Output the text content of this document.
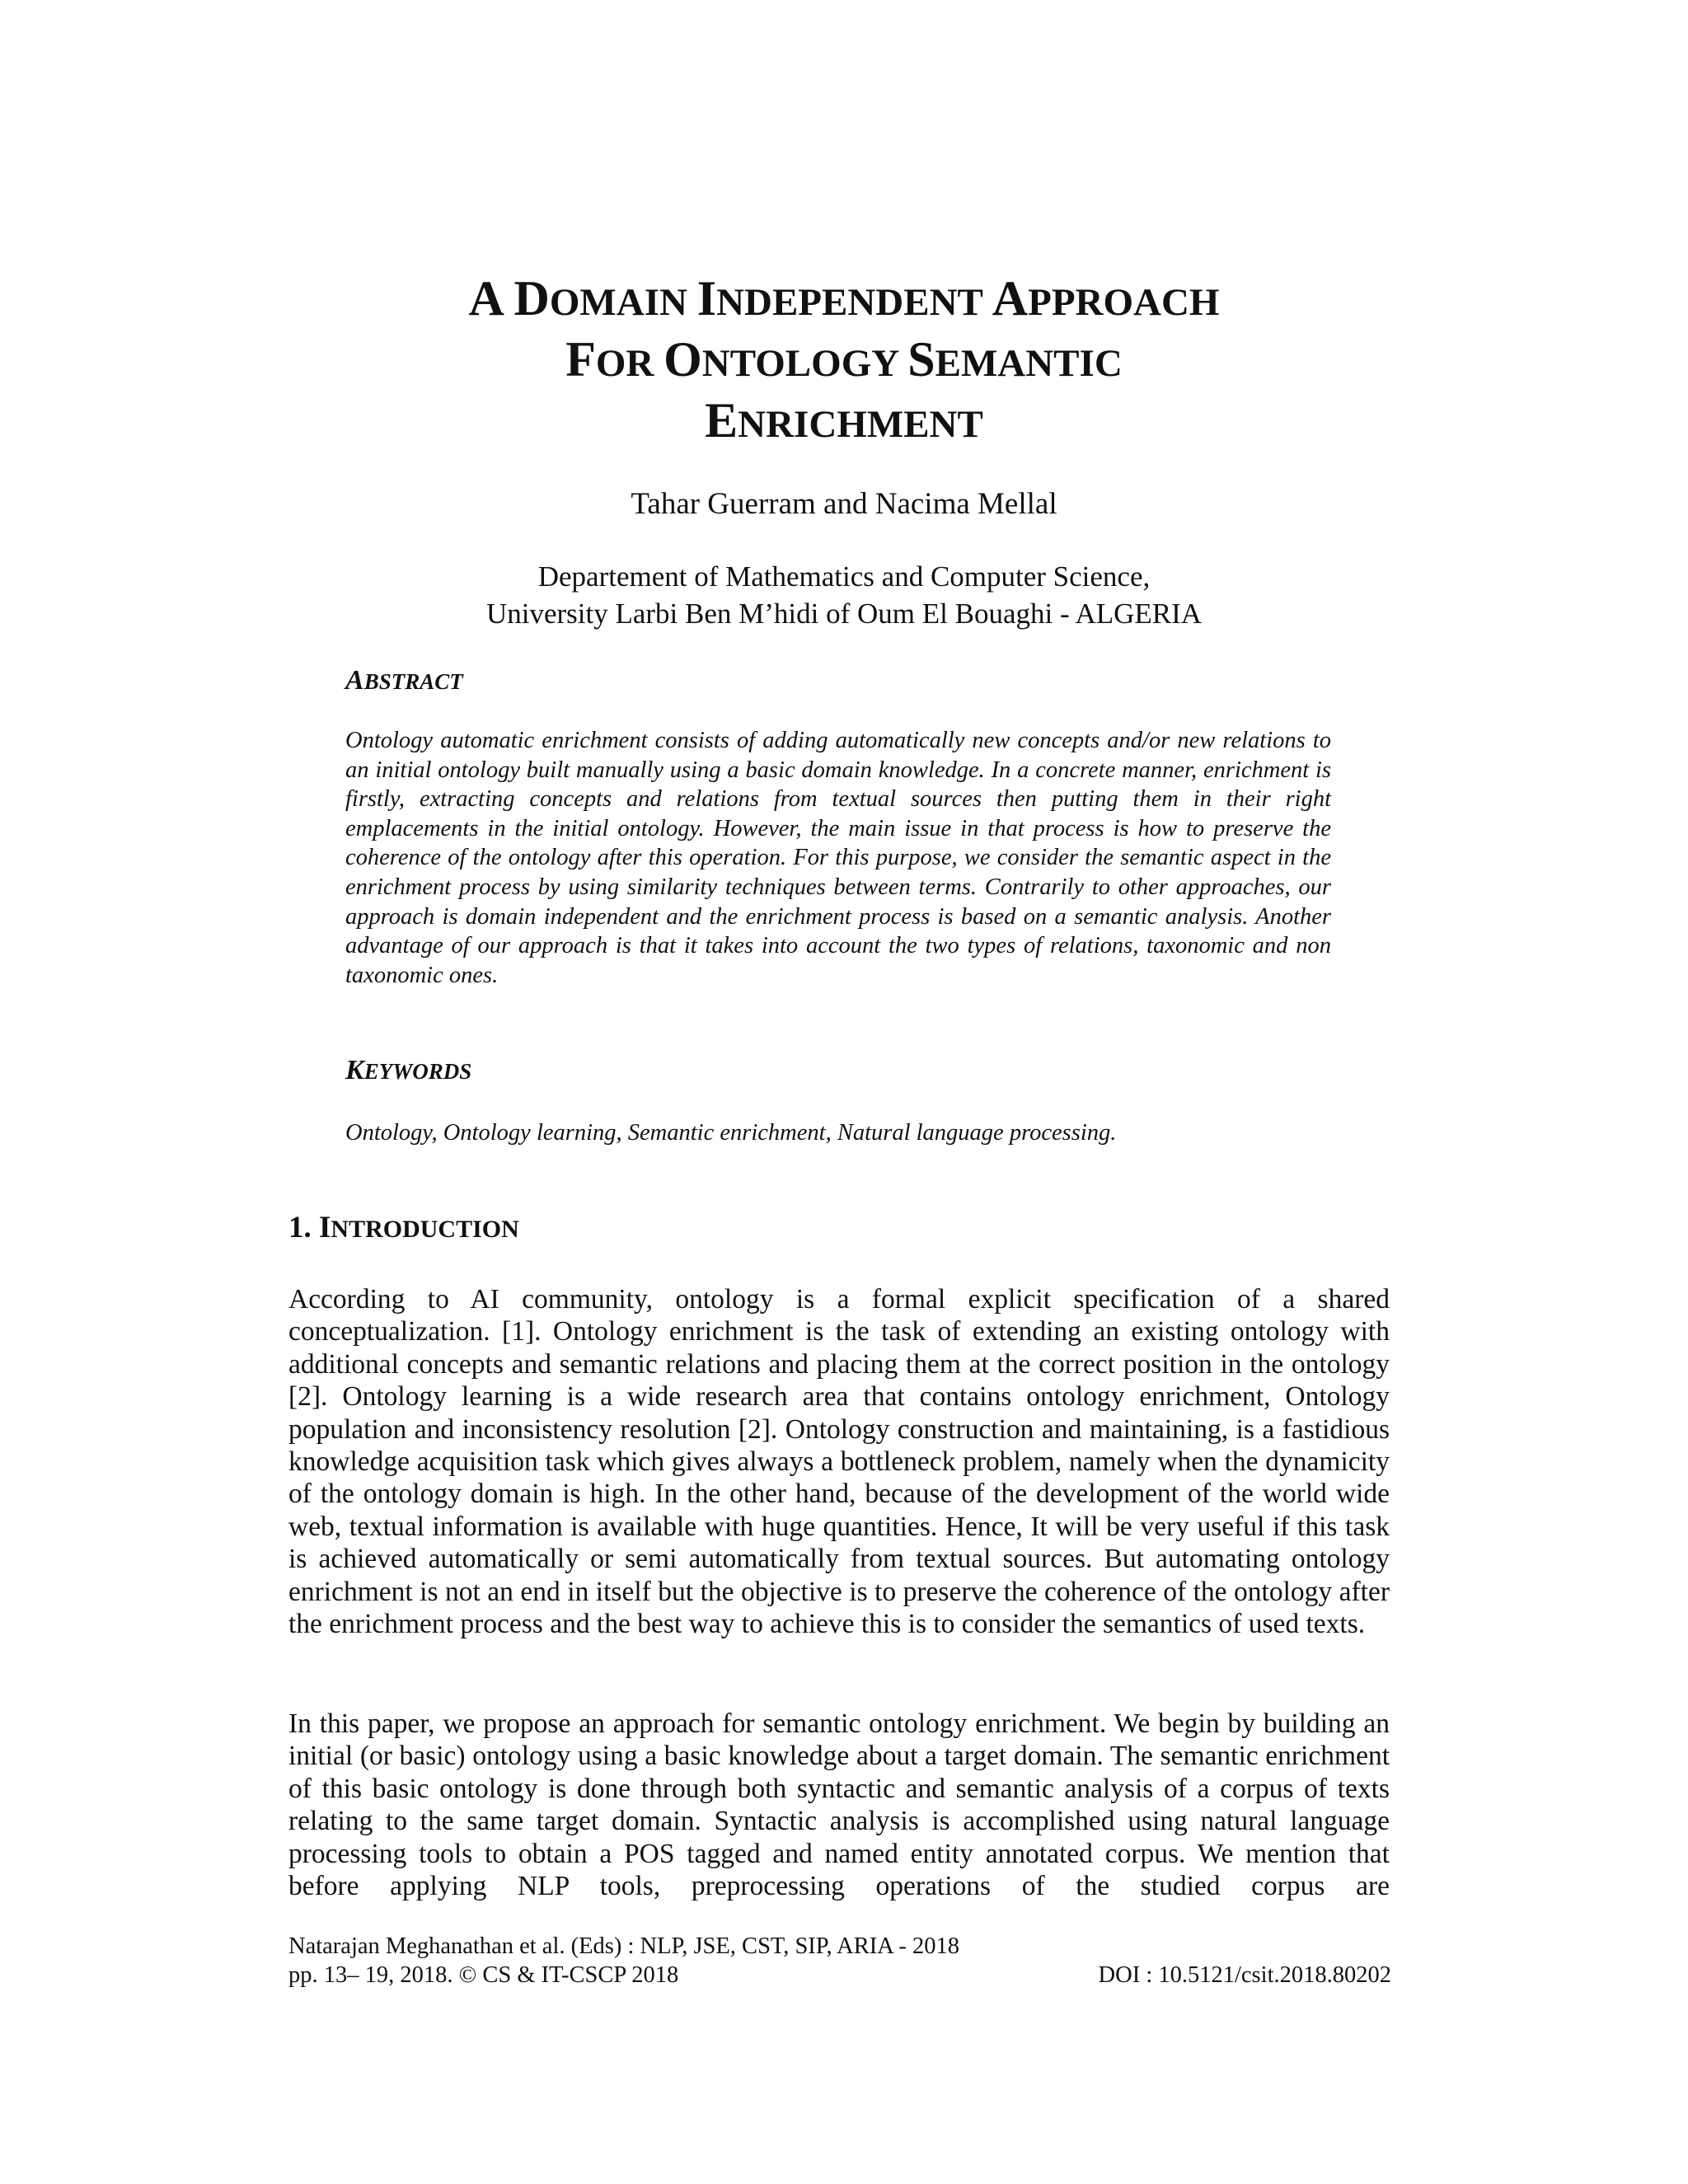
A DOMAIN INDEPENDENT APPROACH
FOR ONTOLOGY SEMANTIC
ENRICHMENT

Tahar Guerram and Nacima Mellal

Departement of Mathematics and Computer Science,
University Larbi Ben M’hidi of Oum El Bouaghi - ALGERIA

ABSTRACT

Ontology automatic enrichment consists of adding automatically new concepts and/or new relations to an initial ontology built manually using a basic domain knowledge. In a concrete manner, enrichment is firstly, extracting concepts and relations from textual sources then putting them in their right emplacements in the initial ontology. However, the main issue in that process is how to preserve the coherence of the ontology after this operation. For this purpose, we consider the semantic aspect in the enrichment process by using similarity techniques between terms. Contrarily to other approaches, our approach is domain independent and the enrichment process is based on a semantic analysis. Another advantage of our approach is that it takes into account the two types of relations, taxonomic and non taxonomic ones.

KEYWORDS

Ontology, Ontology learning, Semantic enrichment, Natural language processing.

1. INTRODUCTION

According to AI community, ontology is a formal explicit specification of a shared conceptualization. [1]. Ontology enrichment is the task of extending an existing ontology with additional concepts and semantic relations and placing them at the correct position in the ontology [2]. Ontology learning is a wide research area that contains ontology enrichment, Ontology population and inconsistency resolution [2]. Ontology construction and maintaining, is a fastidious knowledge acquisition task which gives always a bottleneck problem, namely when the dynamicity of the ontology domain is high. In the other hand, because of the development of the world wide web, textual information is available with huge quantities. Hence, It will be very useful if this task is achieved automatically or semi automatically from textual sources. But automating ontology enrichment is not an end in itself but the objective is to preserve the coherence of the ontology after the enrichment process and the best way to achieve this is to consider the semantics of used texts.

In this paper, we propose an approach for semantic ontology enrichment. We begin by building an initial (or basic) ontology using a basic knowledge about a target domain. The semantic enrichment of this basic ontology is done through both syntactic and semantic analysis of a corpus of texts relating to the same target domain. Syntactic analysis is accomplished using natural language processing tools to obtain a POS tagged and named entity annotated corpus. We mention that before applying NLP tools, preprocessing operations of the studied corpus are

Natarajan Meghanathan et al. (Eds) : NLP, JSE, CST, SIP, ARIA - 2018
pp. 13– 19, 2018. © CS & IT-CSCP 2018	DOI : 10.5121/csit.2018.80202
